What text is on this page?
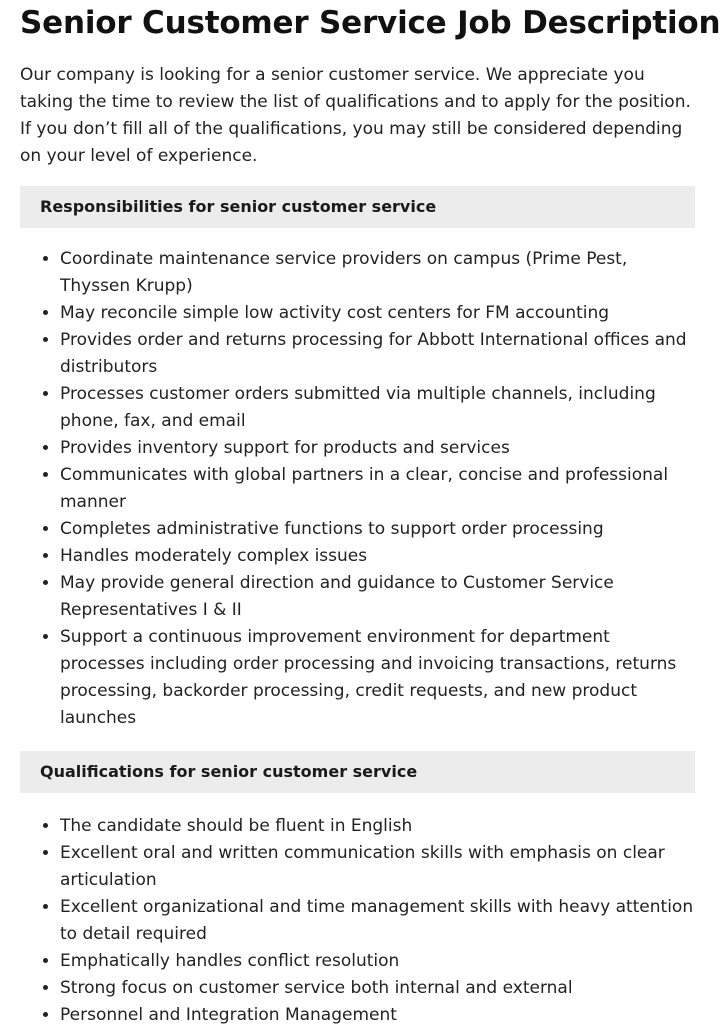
Senior Customer Service Job Description

Our company is looking for a senior customer service. We appreciate you taking the time to review the list of qualifications and to apply for the position. If you don’t fill all of the qualifications, you may still be considered depending on your level of experience.

Responsibilities for senior customer service
• Coordinate maintenance service providers on campus (Prime Pest, Thyssen Krupp)
• May reconcile simple low activity cost centers for FM accounting
• Provides order and returns processing for Abbott International offices and distributors
• Processes customer orders submitted via multiple channels, including phone, fax, and email
• Provides inventory support for products and services
• Communicates with global partners in a clear, concise and professional manner
• Completes administrative functions to support order processing
• Handles moderately complex issues
• May provide general direction and guidance to Customer Service Representatives I & II
• Support a continuous improvement environment for department processes including order processing and invoicing transactions, returns processing, backorder processing, credit requests, and new product launches
Qualifications for senior customer service
• The candidate should be fluent in English
• Excellent oral and written communication skills with emphasis on clear articulation
• Excellent organizational and time management skills with heavy attention to detail required
• Emphatically handles conflict resolution
• Strong focus on customer service both internal and external
• Personnel and Integration Management
